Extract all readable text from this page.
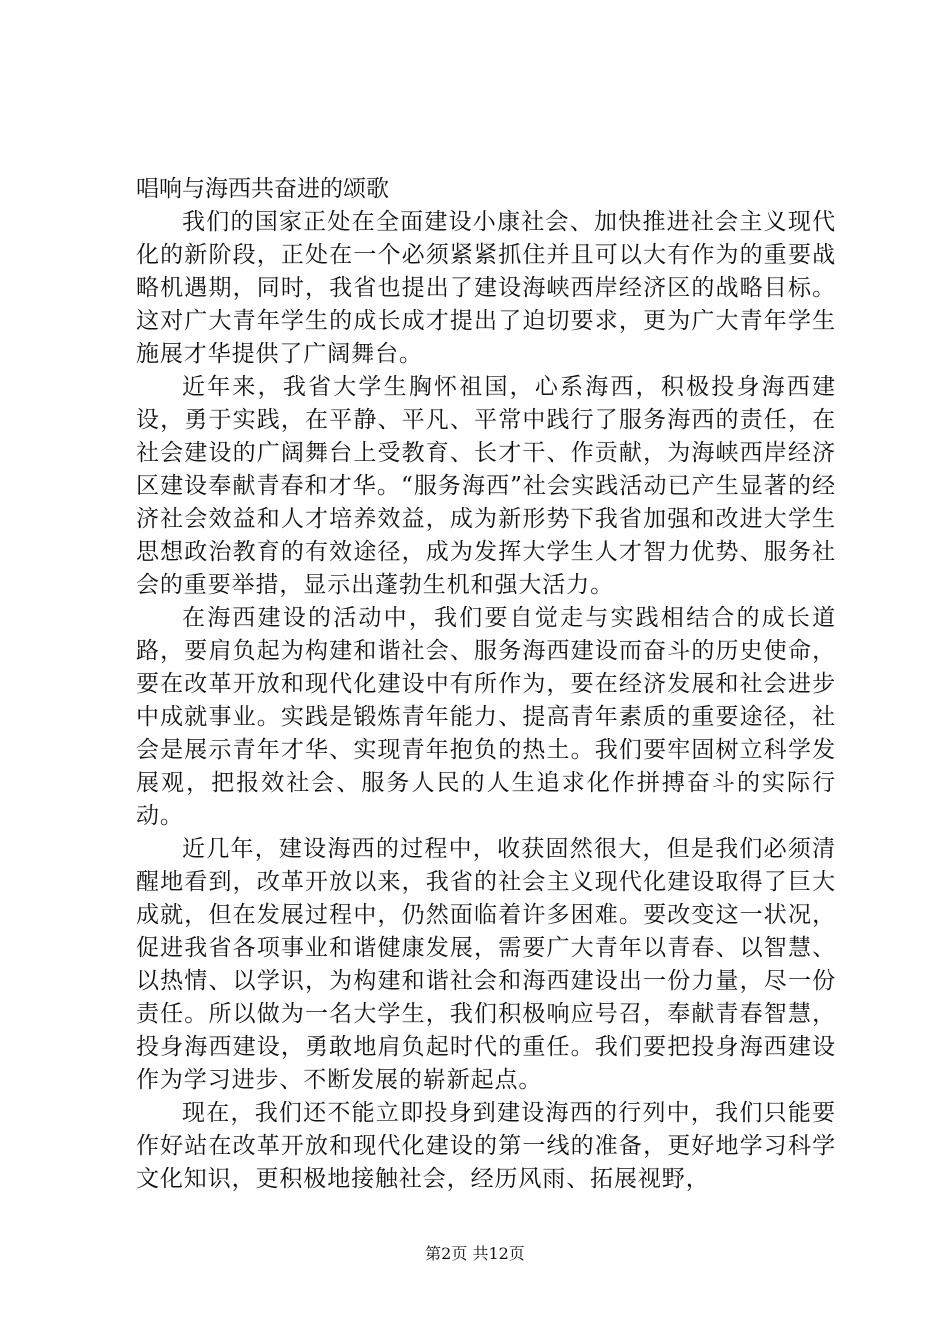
唱响与海西共奋进的颂歌

我们的国家正处在全面建设小康社会、加快推进社会主义现代化的新阶段，正处在一个必须紧紧抓住并且可以大有作为的重要战略机遇期，同时，我省也提出了建设海峡西岸经济区的战略目标。这对广大青年学生的成长成才提出了迫切要求，更为广大青年学生施展才华提供了广阔舞台。

近年来，我省大学生胸怀祖国，心系海西，积极投身海西建设，勇于实践，在平静、平凡、平常中践行了服务海西的责任，在社会建设的广阔舞台上受教育、长才干、作贡献，为海峡西岸经济区建设奉献青春和才华。“服务海西”社会实践活动已产生显著的经济社会效益和人才培养效益，成为新形势下我省加强和改进大学生思想政治教育的有效途径，成为发挥大学生人才智力优势、服务社会的重要举措，显示出蓬勃生机和强大活力。

在海西建设的活动中，我们要自觉走与实践相结合的成长道路，要肩负起为构建和谐社会、服务海西建设而奋斗的历史使命，要在改革开放和现代化建设中有所作为，要在经济发展和社会进步中成就事业。实践是锻炼青年能力、提高青年素质的重要途径，社会是展示青年才华、实现青年抱负的热土。我们要牢固树立科学发展观，把报效社会、服务人民的人生追求化作拼搏奋斗的实际行动。

近几年，建设海西的过程中，收获固然很大，但是我们必须清醒地看到，改革开放以来，我省的社会主义现代化建设取得了巨大成就，但在发展过程中，仍然面临着许多困难。要改变这一状况，促进我省各项事业和谐健康发展，需要广大青年以青春、以智慧、以热情、以学识，为构建和谐社会和海西建设出一份力量，尽一份责任。所以做为一名大学生，我们积极响应号召，奉献青春智慧，投身海西建设，勇敢地肩负起时代的重任。我们要把投身海西建设作为学习进步、不断发展的崭新起点。

现在，我们还不能立即投身到建设海西的行列中，我们只能要作好站在改革开放和现代化建设的第一线的准备，更好地学习科学文化知识，更积极地接触社会，经历风雨、拓展视野，

第2页 共12页
